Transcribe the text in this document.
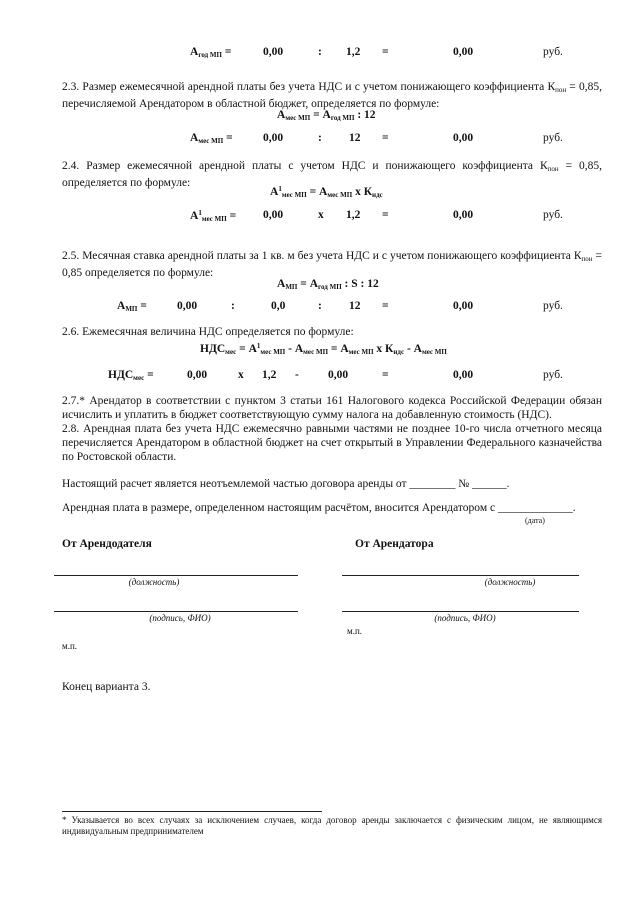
$А_{год МП}$ =	0,00	: 1,2 =	0,00	руб.
2.3. Размер ежемесячной арендной платы без учета НДС и с учетом понижающего коэффициента $К_{пон} = 0,85$, перечисляемой Арендатором в областной бюджет, определяется по формуле:
$А_{мес МП} = А_{год МП}$ : 12
$А_{мес МП}$ =	0,00	: 12 =	0,00	руб.
2.4. Размер ежемесячной арендной платы с учетом НДС и понижающего коэффициента $К_{пон} = 0,85$, определяется по формуле:
$А^1_{мес МП} = А_{мес МП}$ х $К_{ндс}$
$А^1_{мес МП} = 0,00$	х 1,2 =	0,00	руб.
2.5. Месячная ставка арендной платы за 1 кв. м без учета НДС и с учетом понижающего коэффициента $К_{пон} = 0,85$ определяется по формуле:
$А_{МП} = А_{год МП}$ : S : 12
$А_{МП}$ =	0,00	:	0,0	: 12 =	0,00	руб.
2.6. Ежемесячная величина НДС определяется по формуле:
$НДС_{мес} = А^1_{мес МП} - А_{мес МП} = А_{мес МП}$ х $К_{ндс} - А_{мес МП}$
$НДС_{мес}$ =	0,00	х 1,2 -	0,00	=	0,00	руб.
2.7.* Арендатор в соответствии с пунктом 3 статьи 161 Налогового кодекса Российской Федерации обязан исчислить и уплатить в бюджет соответствующую сумму налога на добавленную стоимость (НДС).
2.8. Арендная плата без учета НДС ежемесячно равными частями не позднее 10-го числа отчетного месяца перечисляется Арендатором в областной бюджет на счет открытый в Управлении Федерального казначейства по Ростовской области.
Настоящий расчет является неотъемлемой частью договора аренды от ________ № ______.
Арендная плата в размере, определенном настоящим расчётом, вносится Арендатором с _____________.
(дата)
От Арендодателя	От Арендатора
(должность)	(должность)
(подпись, ФИО)	(подпись, ФИО)
м.п.
м.п.
Конец варианта 3.
* Указывается во всех случаях за исключением случаев, когда договор аренды заключается с физическим лицом, не являющимся индивидуальным предпринимателем
